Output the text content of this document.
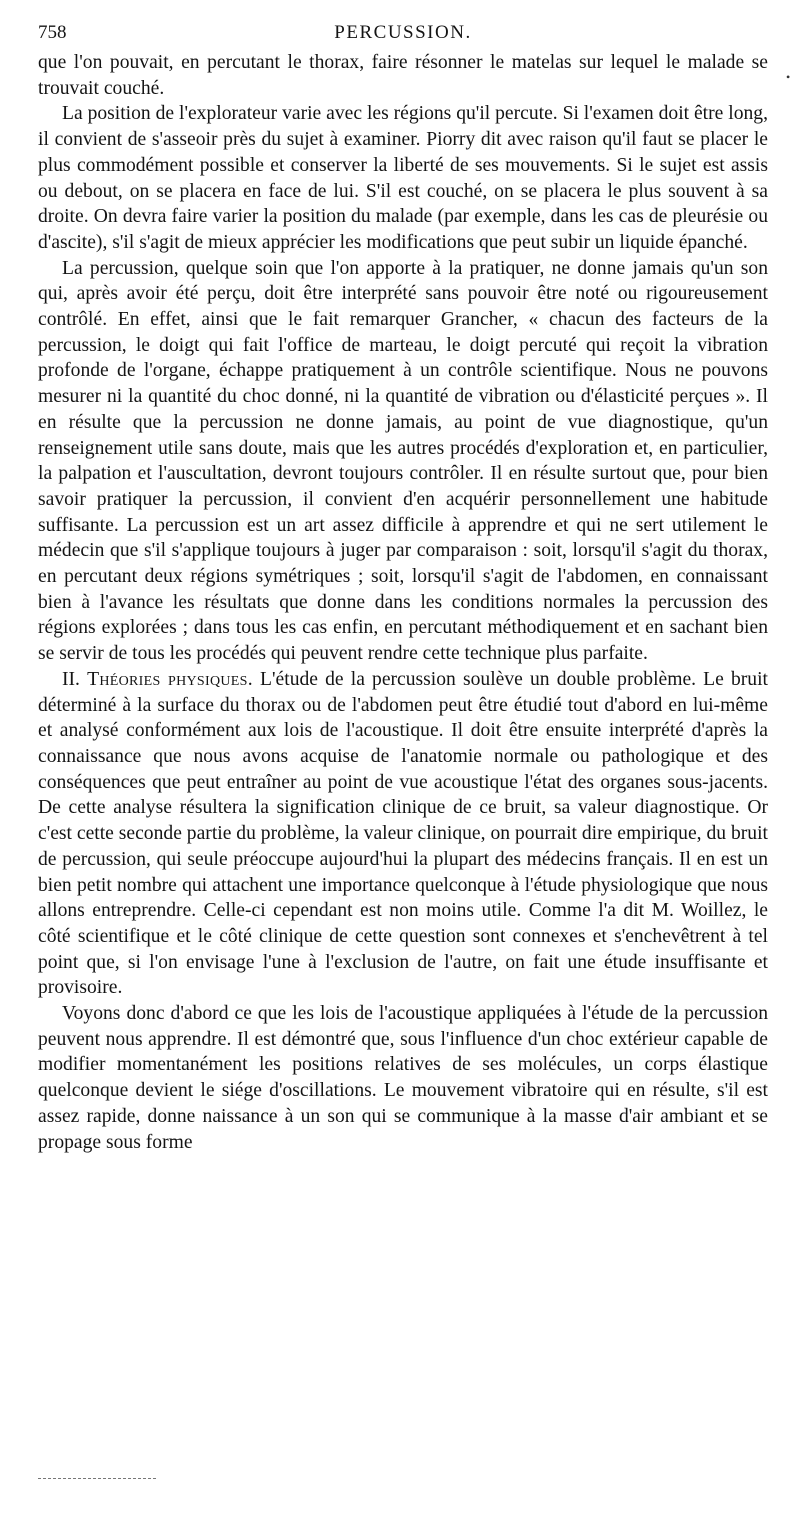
758	PERCUSSION.

que l'on pouvait, en percutant le thorax, faire résonner le matelas sur lequel le malade se trouvait couché.

La position de l'explorateur varie avec les régions qu'il percute. Si l'examen doit être long, il convient de s'asseoir près du sujet à examiner. Piorry dit avec raison qu'il faut se placer le plus commodément possible et conserver la liberté de ses mouvements. Si le sujet est assis ou debout, on se placera en face de lui. S'il est couché, on se placera le plus souvent à sa droite. On devra faire varier la position du malade (par exemple, dans les cas de pleurésie ou d'ascite), s'il s'agit de mieux apprécier les modifications que peut subir un liquide épanché.

La percussion, quelque soin que l'on apporte à la pratiquer, ne donne jamais qu'un son qui, après avoir été perçu, doit être interprété sans pouvoir être noté ou rigoureusement contrôlé. En effet, ainsi que le fait remarquer Grancher, « chacun des facteurs de la percussion, le doigt qui fait l'office de marteau, le doigt percuté qui reçoit la vibration profonde de l'organe, échappe pratiquement à un contrôle scientifique. Nous ne pouvons mesurer ni la quantité du choc donné, ni la quantité de vibration ou d'élasticité perçues ». Il en résulte que la percussion ne donne jamais, au point de vue diagnostique, qu'un renseignement utile sans doute, mais que les autres procédés d'exploration et, en particulier, la palpation et l'auscultation, devront toujours contrôler. Il en résulte surtout que, pour bien savoir pratiquer la percussion, il convient d'en acquérir personnellement une habitude suffisante. La percussion est un art assez difficile à apprendre et qui ne sert utilement le médecin que s'il s'applique toujours à juger par comparaison : soit, lorsqu'il s'agit du thorax, en percutant deux régions symétriques ; soit, lorsqu'il s'agit de l'abdomen, en connaissant bien à l'avance les résultats que donne dans les conditions normales la percussion des régions explorées ; dans tous les cas enfin, en percutant méthodiquement et en sachant bien se servir de tous les procédés qui peuvent rendre cette technique plus parfaite.

II. Théories physiques. L'étude de la percussion soulève un double problème. Le bruit déterminé à la surface du thorax ou de l'abdomen peut être étudié tout d'abord en lui-même et analysé conformément aux lois de l'acoustique. Il doit être ensuite interprété d'après la connaissance que nous avons acquise de l'anatomie normale ou pathologique et des conséquences que peut entraîner au point de vue acoustique l'état des organes sous-jacents. De cette analyse résultera la signification clinique de ce bruit, sa valeur diagnostique. Or c'est cette seconde partie du problème, la valeur clinique, on pourrait dire empirique, du bruit de percussion, qui seule préoccupe aujourd'hui la plupart des médecins français. Il en est un bien petit nombre qui attachent une importance quelconque à l'étude physiologique que nous allons entreprendre. Celle-ci cependant est non moins utile. Comme l'a dit M. Woillez, le côté scientifique et le côté clinique de cette question sont connexes et s'enchevêtrent à tel point que, si l'on envisage l'une à l'exclusion de l'autre, on fait une étude insuffisante et provisoire.

Voyons donc d'abord ce que les lois de l'acoustique appliquées à l'étude de la percussion peuvent nous apprendre. Il est démontré que, sous l'influence d'un choc extérieur capable de modifier momentanément les positions relatives de ses molécules, un corps élastique quelconque devient le siége d'oscillations. Le mouvement vibratoire qui en résulte, s'il est assez rapide, donne naissance à un son qui se communique à la masse d'air ambiant et se propage sous forme

•
